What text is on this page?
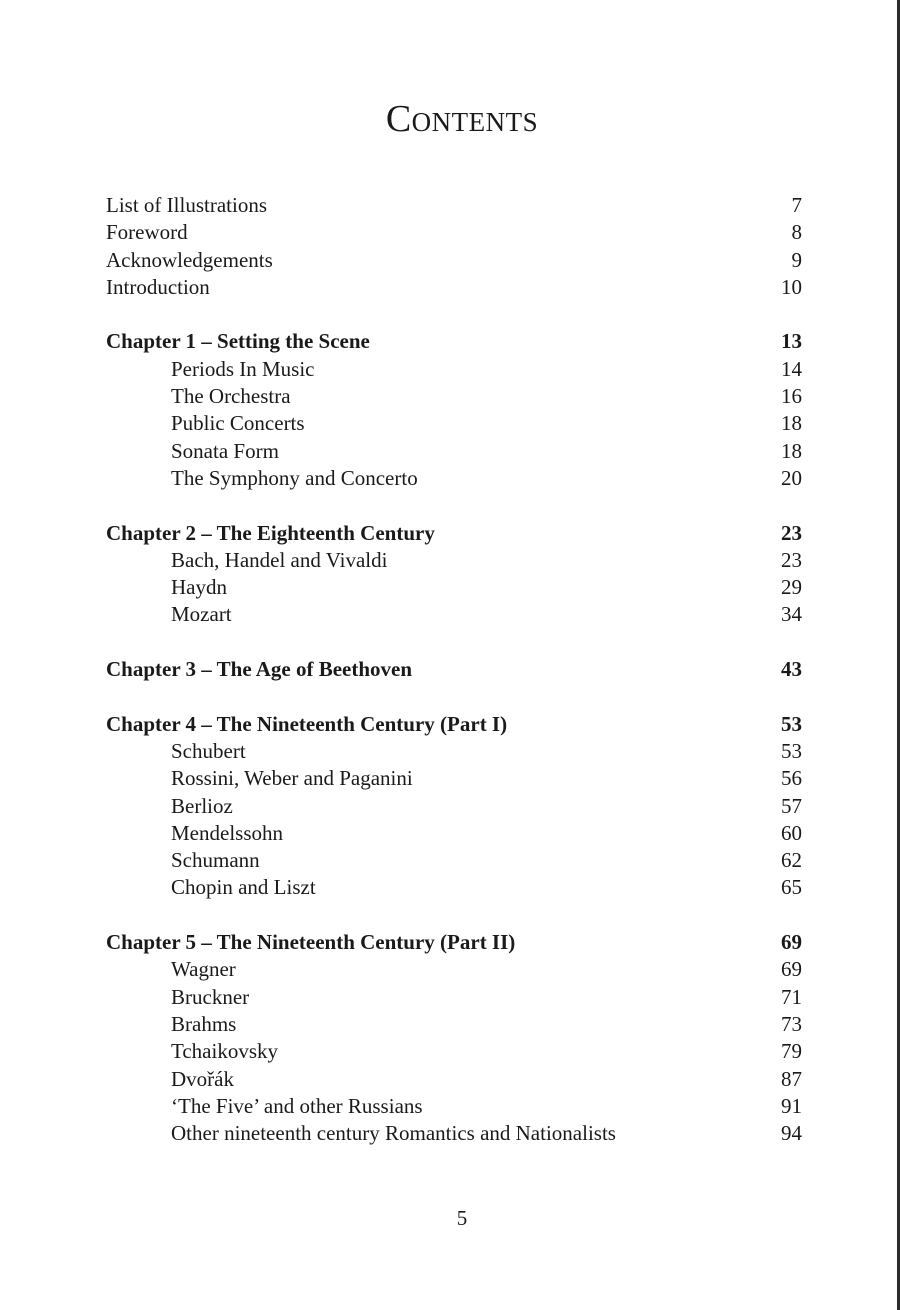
Contents
List of Illustrations	7
Foreword	8
Acknowledgements	9
Introduction	10
Chapter 1 – Setting the Scene	13
Periods In Music	14
The Orchestra	16
Public Concerts	18
Sonata Form	18
The Symphony and Concerto	20
Chapter 2 – The Eighteenth Century	23
Bach, Handel and Vivaldi	23
Haydn	29
Mozart	34
Chapter 3 – The Age of Beethoven	43
Chapter 4 – The Nineteenth Century (Part I)	53
Schubert	53
Rossini, Weber and Paganini	56
Berlioz	57
Mendelssohn	60
Schumann	62
Chopin and Liszt	65
Chapter 5 – The Nineteenth Century (Part II)	69
Wagner	69
Bruckner	71
Brahms	73
Tchaikovsky	79
Dvořák	87
‘The Five’ and other Russians	91
Other nineteenth century Romantics and Nationalists	94
5
